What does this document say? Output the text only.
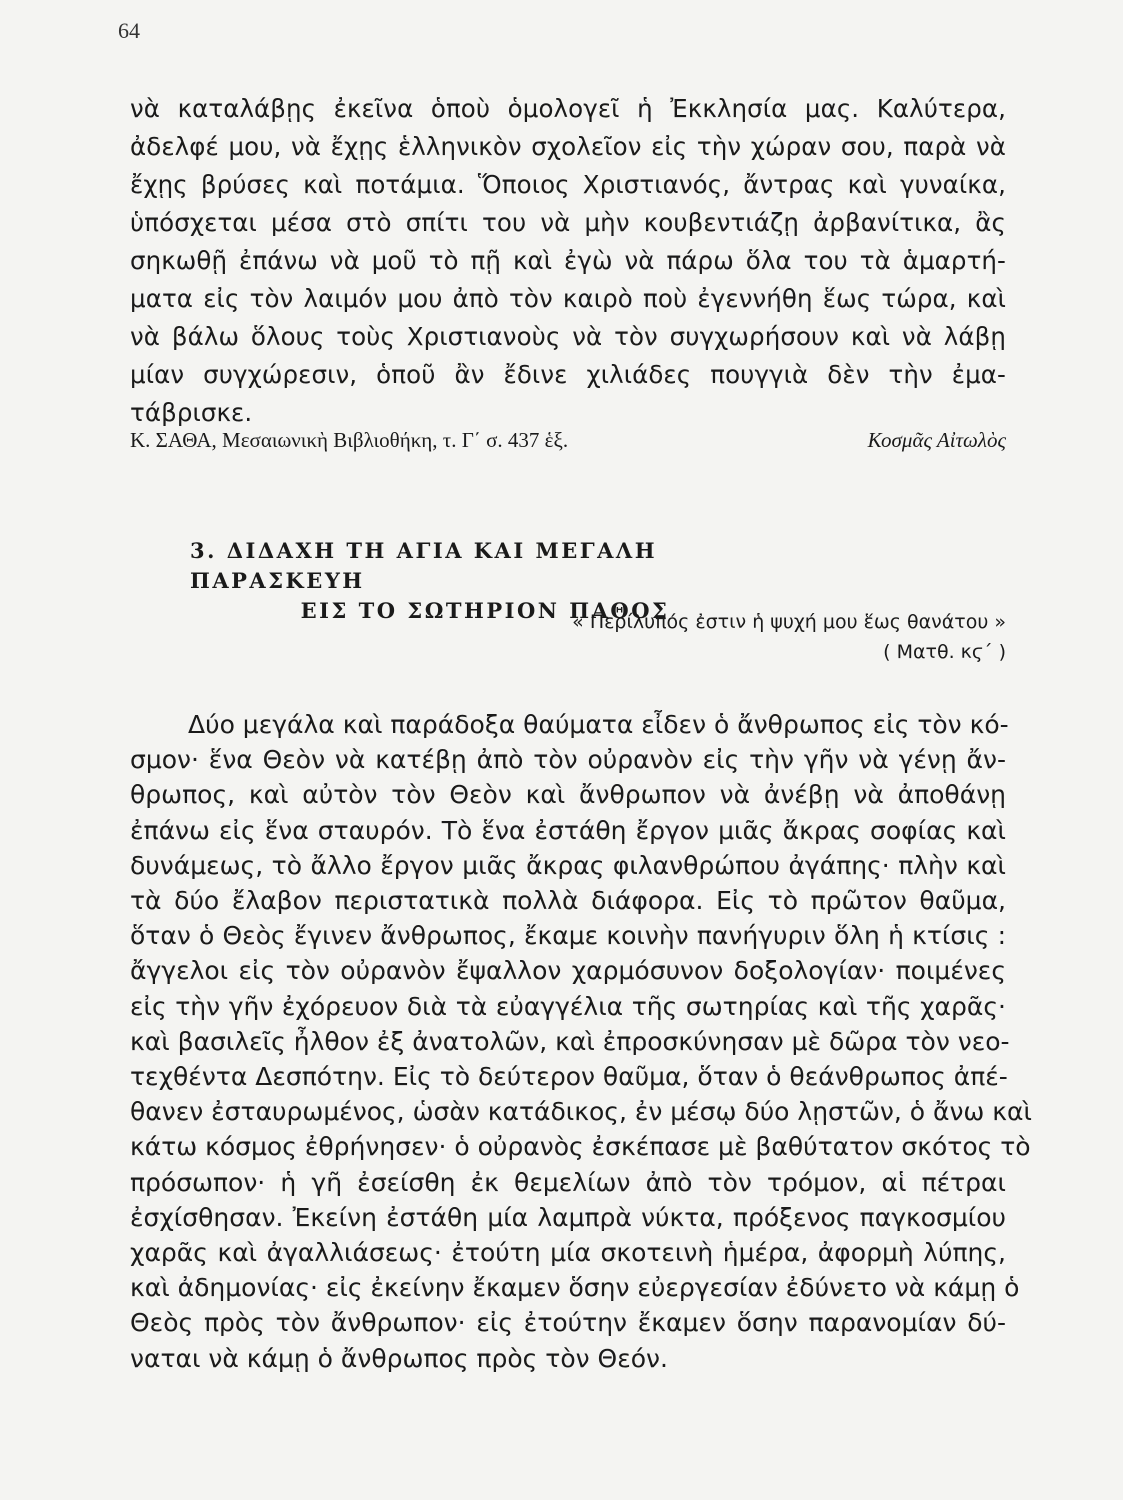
64
νὰ καταλάβῃς ἐκεῖνα ὁποὺ ὁμολογεῖ ἡ Ἐκκλησία μας. Καλύτερα,
ἀδελφέ μου, νὰ ἔχῃς ἑλληνικὸν σχολεῖον εἰς τὴν χώραν σου, παρὰ νὰ
ἔχῃς βρύσες καὶ ποτάμια. Ὅποιος Χριστιανός, ἄντρας καὶ γυναίκα,
ὑπόσχεται μέσα στὸ σπίτι του νὰ μὴν κουβεντιάζῃ ἀρβανίτικα, ἂς
σηκωθῇ ἐπάνω νὰ μοῦ τὸ πῇ καὶ ἐγὼ νὰ πάρω ὅλα του τὰ ἁμαρτή-
ματα εἰς τὸν λαιμόν μου ἀπὸ τὸν καιρὸ ποὺ ἐγεννήθη ἕως τώρα, καὶ
νὰ βάλω ὅλους τοὺς Χριστιανοὺς νὰ τὸν συγχωρήσουν καὶ νὰ λάβῃ
μίαν συγχώρεσιν, ὁποῦ ἂν ἔδινε χιλιάδες πουγγιὰ δὲν τὴν ἐμα-
τάβρισκε.
Κ. ΣΑΘΑ, Μεσαιωνικὴ Βιβλιοθήκη, τ. Γ΄ σ. 437 ἑξ.	Κοσμᾶς Αἰτωλὸς
3. ΔΙΔΑΧΗ ΤΗ ΑΓΙΑ ΚΑΙ ΜΕΓΑΛΗ ΠΑΡΑΣΚΕΥΗ
ΕΙΣ ΤΟ ΣΩΤΗΡΙΟΝ ΠΑΘΟΣ
« Περίλυπός ἐστιν ἡ ψυχή μου ἕως θανάτου »
( Ματθ. κϛ΄ )
Δύο μεγάλα καὶ παράδοξα θαύματα εἶδεν ὁ ἄνθρωπος εἰς τὸν κό-
σμον· ἕνα Θεὸν νὰ κατέβῃ ἀπὸ τὸν οὐρανὸν εἰς τὴν γῆν νὰ γένῃ ἄν-
θρωπος, καὶ αὐτὸν τὸν Θεὸν καὶ ἄνθρωπον νὰ ἀνέβῃ νὰ ἀποθάνῃ
ἐπάνω εἰς ἕνα σταυρόν. Τὸ ἕνα ἐστάθη ἔργον μιᾶς ἄκρας σοφίας καὶ
δυνάμεως, τὸ ἄλλο ἔργον μιᾶς ἄκρας φιλανθρώπου ἀγάπης· πλὴν καὶ
τὰ δύο ἔλαβον περιστατικὰ πολλὰ διάφορα. Εἰς τὸ πρῶτον θαῦμα,
ὅταν ὁ Θεὸς ἔγινεν ἄνθρωπος, ἔκαμε κοινὴν πανήγυριν ὅλη ἡ κτίσις :
ἄγγελοι εἰς τὸν οὐρανὸν ἔψαλλον χαρμόσυνον δοξολογίαν· ποιμένες
εἰς τὴν γῆν ἐχόρευον διὰ τὰ εὐαγγέλια τῆς σωτηρίας καὶ τῆς χαρᾶς·
καὶ βασιλεῖς ἦλθον ἐξ ἀνατολῶν, καὶ ἐπροσκύνησαν μὲ δῶρα τὸν νεο-
τεχθέντα Δεσπότην. Εἰς τὸ δεύτερον θαῦμα, ὅταν ὁ θεάνθρωπος ἀπέ-
θανεν ἐσταυρωμένος, ὡσὰν κατάδικος, ἐν μέσῳ δύο λῃστῶν, ὁ ἄνω καὶ
κάτω κόσμος ἐθρήνησεν· ὁ οὐρανὸς ἐσκέπασε μὲ βαθύτατον σκότος τὸ
πρόσωπον· ἡ γῆ ἐσείσθη ἐκ θεμελίων ἀπὸ τὸν τρόμον, αἱ πέτραι
ἐσχίσθησαν. Ἐκείνη ἐστάθη μία λαμπρὰ νύκτα, πρόξενος παγκοσμίου
χαρᾶς καὶ ἀγαλλιάσεως· ἐτούτη μία σκοτεινὴ ἡμέρα, ἀφορμὴ λύπης,
καὶ ἀδημονίας· εἰς ἐκείνην ἔκαμεν ὅσην εὐεργεσίαν ἐδύνετο νὰ κάμῃ ὁ
Θεὸς πρὸς τὸν ἄνθρωπον· εἰς ἐτούτην ἔκαμεν ὅσην παρανομίαν δύ-
ναται νὰ κάμῃ ὁ ἄνθρωπος πρὸς τὸν Θεόν.
